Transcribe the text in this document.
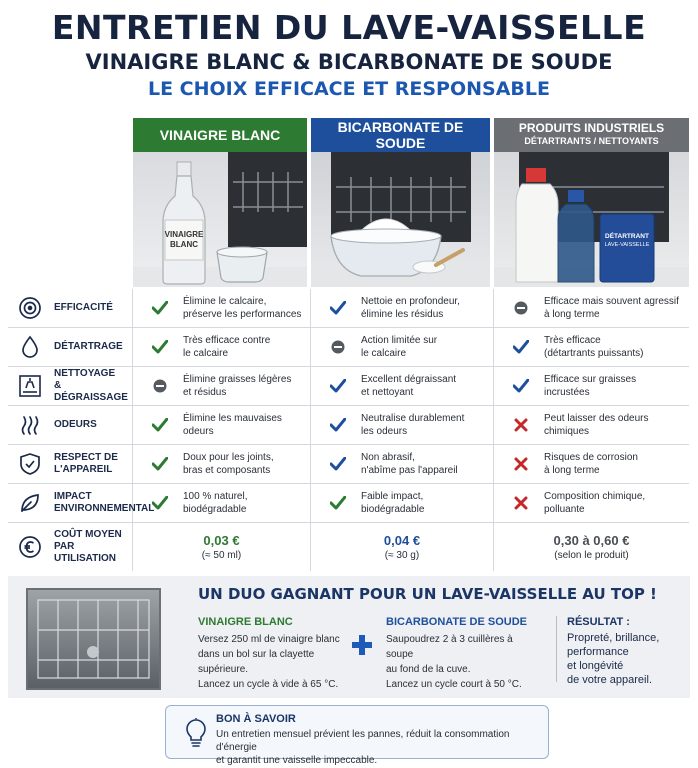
ENTRETIEN DU LAVE-VAISSELLE
VINAIGRE BLANC & BICARBONATE DE SOUDE
LE CHOIX EFFICACE ET RESPONSABLE
VINAIGRE BLANC	BICARBONATE DE SOUDE
PRODUITS INDUSTRIELS
DÉTARTRANTS / NETTOYANTS
VINAIGRE
BLANC
DÉTARTRANT
LAVE-VAISSELLE
EFFICACITÉ

Élimine le calcaire,
préserve les performances
Nettoie en profondeur,
élimine les résidus
Efficace mais souvent agressif
à long terme
DÉTARTRAGE

Très efficace contre
le calcaire
Action limitée sur
le calcaire
Très efficace
(détartrants puissants)
NETTOYAGE
& DÉGRAISSAGE
Élimine graisses légères
et résidus
Excellent dégraissant
et nettoyant
Efficace sur graisses
incrustées
ODEURS

Élimine les mauvaises
odeurs
Neutralise durablement
les odeurs
Peut laisser des odeurs
chimiques
RESPECT DE
L'APPAREIL
Doux pour les joints,
bras et composants
Non abrasif,
n'abîme pas l'appareil
Risques de corrosion
à long terme
IMPACT
ENVIRONNEMENTAL
100 % naturel,
biodégradable
Faible impact,
biodégradable
Composition chimique,
polluante
COÛT MOYEN
PAR UTILISATION
0,03 €
(≈ 50 ml)
0,04 €
(≈ 30 g)
0,30 à 0,60 €
(selon le produit)
UN DUO GAGNANT POUR UN LAVE-VAISSELLE AU TOP !
VINAIGRE BLANC
Versez 250 ml de vinaigre blanc
dans un bol sur la clayette supérieure.
Lancez un cycle à vide à 65 °C.
BICARBONATE DE SOUDE
Saupoudrez 2 à 3 cuillères à soupe
au fond de la cuve.
Lancez un cycle court à 50 °C.
RÉSULTAT :
Propreté, brillance,
performance
et longévité
de votre appareil.
BON À SAVOIR
Un entretien mensuel prévient les pannes, réduit la consommation d'énergie
et garantit une vaisselle impeccable.
